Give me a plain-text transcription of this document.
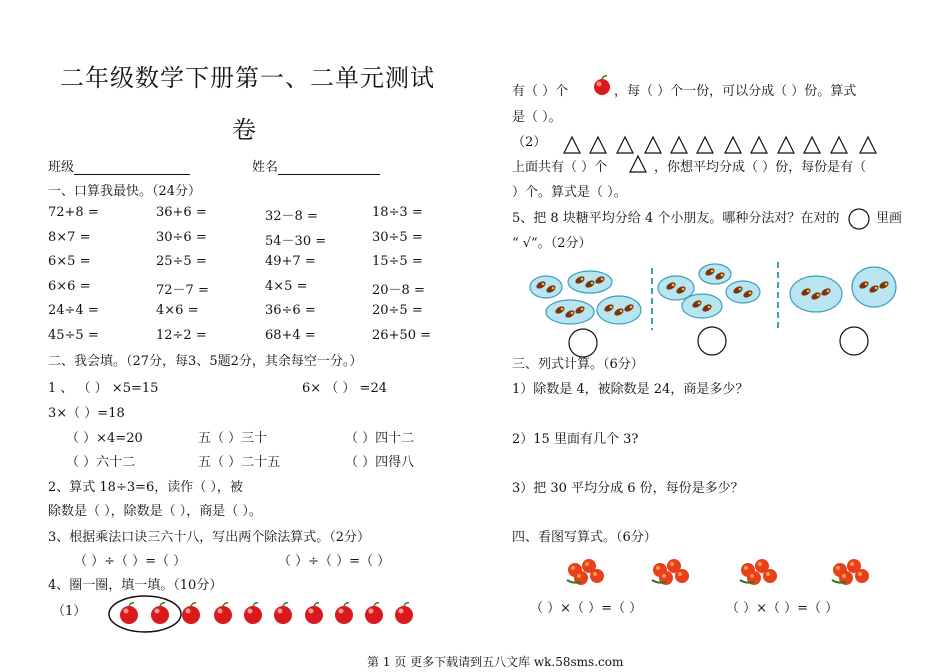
二年级数学下册第一、二单元测试
卷
班级	姓名
一、口算我最快。（24分）
72+8 =	36+6 =	32－8 =	18÷3 =
8×7 =	30÷6 =	54－30 =	30÷5 =
6×5 =	25÷5 =	49+7 =	15÷5 =
6×6 =	72－7 =	4×5 =	20－8 =
24÷4 =	4×6 =	36÷6 =	20÷5 =
45÷5 =	12÷2 =	68+4 =	26+50 =
二、我会填。（27分，每3、5题2分，其余每空一分。）
1 、 （ ） ×5=15	6× （ ） =24
3×（ ）=18
（ ）×4=20	五（ ）三十	（ ）四十二
（ ）六十二	五（ ）二十五	（ ）四得八
2、算式 18÷3=6，读作（ ），被
除数是（ ），除数是（ ），商是（ ）。
3、根据乘法口诀三六十八，写出两个除法算式。（2分）
（ ）÷（ ）=（ ）	（ ）÷（ ）=（ ）
4、圈一圈，填一填。（10分）
（1）
有（ ）个	，每（ ）个一份，可以分成（ ）份。算式
是（ ）。
（2）
上面共有（ ）个	，你想平均分成（ ）份，每份是有（
）个。算式是（ ）。
5、把 8 块糖平均分给 4 个小朋友。哪种分法对？在对的	里画
“ √”。（2分）
三、列式计算。（6分）
1）除数是 4，被除数是 24，商是多少？
2）15 里面有几个 3?
3）把 30 平均分成 6 份，每份是多少？
四、看图写算式。（6分）
（ ）×（ ）=（ ）	（ ）×（ ）=（ ）
第 1 页 更多下载请到五八文库 wk.58sms.com
